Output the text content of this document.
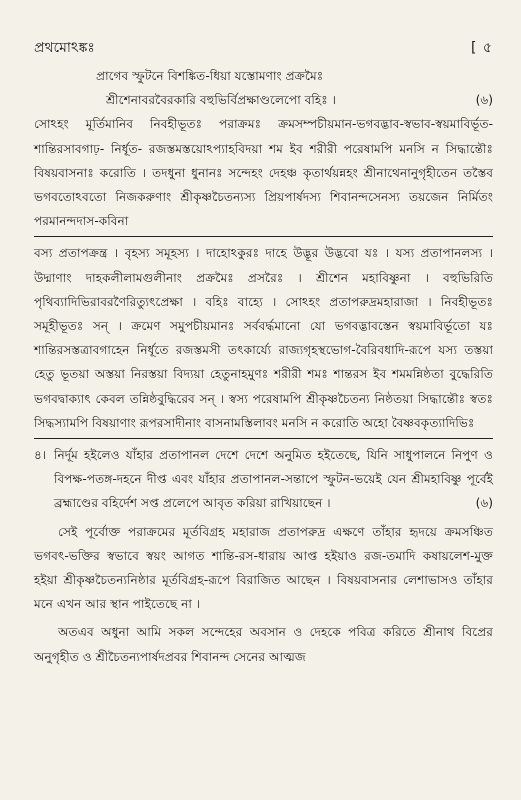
প্রথমোঽঙ্কঃ	[ ৫
প্রাগেব স্ফুটনে বিশঙ্কিত-ধিয়া যস্তোমণাং প্রক্রমৈঃ
শ্রীশেনাবরবৈরকারি বহুভির্বিপ্রক্ষাণ্ডলেপো বহিঃ ।	(৬)

সোঽহং মূর্তিমানিব নিবহীভূতঃ পরাক্রমঃ ক্রমসম্পচীয়মান-ভগবদ্ভাব-স্বভাব-স্বয়মাবির্ভূত- শান্তিরসাবগাঢ়- নির্ধূত- রজস্তমস্তয়োঽপ্যাহবিদয়া শম ইব শরীরী পরেষামপি মনসি ন সিদ্ধান্তৌঃ বিষয়বাসনাঃ করোতি । তদধুনা ধুনানঃ সন্দেহং দেহঞ্চ কৃতার্থয়ন্নহং শ্রীনাথেনানুগৃহীতেন তস্তৈব ভগবতোঽবতো নিজকরুণাং শ্রীকৃষ্ণচৈতন্যস্য প্রিয়পার্ষদস্য শিবানন্দসেনস্য তয়জেন নির্মিতং পরমানন্দদাস-কবিনা

বস্য প্রতাপক্রন্ত্র । বৃহস্য সমূহস্য । দাহোঽকুরঃ দাহে উদ্ভূর উদ্ভবো যঃ । যস্য প্রতাপানলস্য । উদ্মাণাং দাহকলীলামগুলীনাং প্রক্রমৈঃ প্রসরৈঃ । শ্রীশেন মহাবিষ্ণুনা । বহুভিরিতি পৃথিব্যাদিভিরাবরণৈরিত্যুৎপ্রেক্ষা । বহিঃ বাহ্যে । সোঽহং প্রতাপরুদ্রমহারাজা । নিবহীভূতঃ সমূহীভূতঃ সন্ । ক্রমেণ সমুপচীয়মানঃ সর্ববর্দ্ধমানো যো ভগবদ্ভাবস্তেন স্বয়মাবির্ভূতো যঃ শান্তিরসস্তত্রাবগাহেন নির্ধূতে রজস্তমসী তৎকার্য্যে রাজ্যগৃহস্থভোগ-বৈরিবধাদি-রূপে যস্য তস্তয়া হেতু ভূতয়া অস্তয়া নিরস্তয়া বিদ্যয়া হেতুনাহমুণঃ শরীরী শমঃ শান্তরস ইব শমমন্নিষ্ঠতা বুদ্ধেরিতি ভগবদ্বাক্যাৎ কেবল তন্নিষ্ঠবুদ্ধিরেব সন্ । স্বস্য পরেষামপি শ্রীকৃষ্ণচৈতন্য নিষ্ঠতয়া সিদ্ধান্তৌঃ স্বতঃ সিদ্ধস্যামপি বিষয়াণাং রূপরসাদীনাং বাসনামস্তিলাবং মনসি ন করোতি অহো বৈষ্ণবকৃত্যাদিভিঃ

৪। নির্দূম হইলেও যাঁহার প্রতাপানল দেশে দেশে অনুমিত হইতেছে, যিনি সাধুপালনে নিপুণ ও বিপক্ষ-পতঙ্গ-দহনে দীপ্ত এবং যাঁহার প্রতাপানল-সন্তাপে স্ফুটন-ভয়েই যেন শ্রীমহাবিষ্ণু পূর্বেই ব্রহ্মাণ্ডের বহির্দেশ সপ্ত প্রলেপে আবৃত করিয়া রাখিয়াছেন ।	(৬)

সেই পূর্বোক্ত পরাক্রমের মূর্তবিগ্রহ মহারাজ প্রতাপরুদ্র এক্ষণে তাঁহার হৃদয়ে ক্রমসঞ্চিত ভগবৎ-ভক্তির স্বভাবে স্বয়ং আগত শান্তি-রস-ধারায় আপ্ত হইয়াও রজ-তমাদি কষায়লেশ-মুক্ত হইয়া শ্রীকৃষ্ণচৈতন্যনিষ্ঠার মূর্তবিগ্রহ-রূপে বিরাজিত আছেন । বিষয়বাসনার লেশাভাসও তাঁহার মনে এখন আর স্থান পাইতেছে না ।

অতএব অধুনা আমি সকল সন্দেহের অবসান ও দেহকে পবিত্র করিতে শ্রীনাথ বিপ্রের অনুগৃহীত ও শ্রীচৈতন্যপার্ষদপ্রবর শিবানন্দ সেনের আত্মজ
